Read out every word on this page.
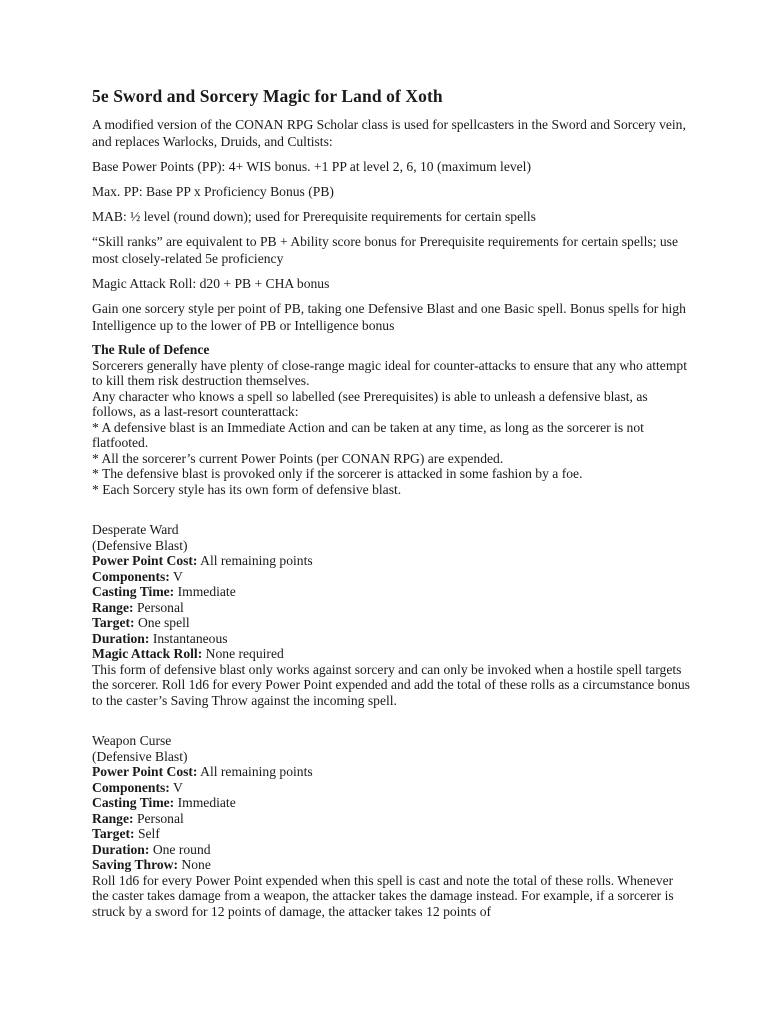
5e Sword and Sorcery Magic for Land of Xoth

A modified version of the CONAN RPG Scholar class is used for spellcasters in the Sword and Sorcery vein, and replaces Warlocks, Druids, and Cultists:

Base Power Points (PP): 4+ WIS bonus. +1 PP at level 2, 6, 10 (maximum level)

Max. PP: Base PP x Proficiency Bonus (PB)

MAB: ½ level (round down); used for Prerequisite requirements for certain spells

“Skill ranks” are equivalent to PB + Ability score bonus for Prerequisite requirements for certain spells; use most closely-related 5e proficiency

Magic Attack Roll: d20 + PB + CHA bonus

Gain one sorcery style per point of PB, taking one Defensive Blast and one Basic spell. Bonus spells for high Intelligence up to the lower of PB or Intelligence bonus

The Rule of Defence

Sorcerers generally have plenty of close-range magic ideal for counter-attacks to ensure that any who attempt to kill them risk destruction themselves.

Any character who knows a spell so labelled (see Prerequisites) is able to unleash a defensive blast, as follows, as a last-resort counterattack:

* A defensive blast is an Immediate Action and can be taken at any time, as long as the sorcerer is not flatfooted.

* All the sorcerer’s current Power Points (per CONAN RPG) are expended.

* The defensive blast is provoked only if the sorcerer is attacked in some fashion by a foe.

* Each Sorcery style has its own form of defensive blast.

Desperate Ward

(Defensive Blast)

Power Point Cost: All remaining points

Components: V

Casting Time: Immediate

Range: Personal

Target: One spell

Duration: Instantaneous

Magic Attack Roll: None required

This form of defensive blast only works against sorcery and can only be invoked when a hostile spell targets the sorcerer. Roll 1d6 for every Power Point expended and add the total of these rolls as a circumstance bonus to the caster’s Saving Throw against the incoming spell.

Weapon Curse

(Defensive Blast)

Power Point Cost: All remaining points

Components: V

Casting Time: Immediate

Range: Personal

Target: Self

Duration: One round

Saving Throw: None

Roll 1d6 for every Power Point expended when this spell is cast and note the total of these rolls. Whenever the caster takes damage from a weapon, the attacker takes the damage instead. For example, if a sorcerer is struck by a sword for 12 points of damage, the attacker takes 12 points of
